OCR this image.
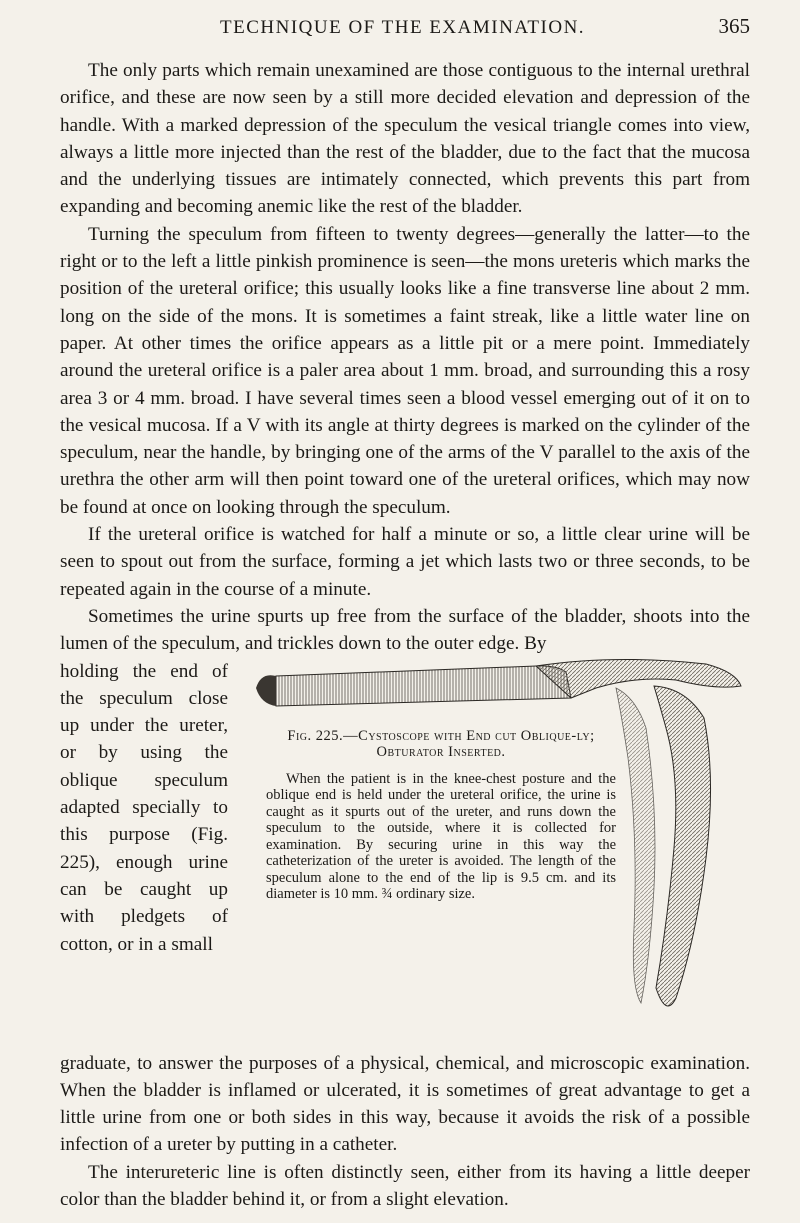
TECHNIQUE OF THE EXAMINATION.	365

The only parts which remain unexamined are those contiguous to the internal urethral orifice, and these are now seen by a still more decided elevation and depression of the handle. With a marked depression of the speculum the vesical triangle comes into view, always a little more injected than the rest of the bladder, due to the fact that the mucosa and the underlying tissues are intimately connected, which prevents this part from expanding and becoming anemic like the rest of the bladder.

Turning the speculum from fifteen to twenty degrees—generally the latter—to the right or to the left a little pinkish prominence is seen—the mons ureteris which marks the position of the ureteral orifice; this usually looks like a fine transverse line about 2 mm. long on the side of the mons. It is sometimes a faint streak, like a little water line on paper. At other times the orifice appears as a little pit or a mere point. Immediately around the ureteral orifice is a paler area about 1 mm. broad, and surrounding this a rosy area 3 or 4 mm. broad. I have several times seen a blood vessel emerging out of it on to the vesical mucosa. If a V with its angle at thirty degrees is marked on the cylinder of the speculum, near the handle, by bringing one of the arms of the V parallel to the axis of the urethra the other arm will then point toward one of the ureteral orifices, which may now be found at once on looking through the speculum.

If the ureteral orifice is watched for half a minute or so, a little clear urine will be seen to spout out from the surface, forming a jet which lasts two or three seconds, to be repeated again in the course of a minute.

Sometimes the urine spurts up free from the surface of the bladder, shoots into the lumen of the speculum, and trickles down to the outer edge. By

holding the end of the speculum close up under the ureter, or by using the oblique speculum adapted specially to this purpose (Fig. 225), enough urine can be caught up with pledgets of cotton, or in a small

Fig. 225.—Cystoscope with End cut Oblique-ly; Obturator Inserted.
When the patient is in the knee-chest posture and the oblique end is held under the ureteral orifice, the urine is caught as it spurts out of the ureter, and runs down the speculum to the outside, where it is collected for examination. By securing urine in this way the catheterization of the ureter is avoided. The length of the speculum alone to the end of the lip is 9.5 cm. and its diameter is 10 mm. ¾ ordinary size.

graduate, to answer the purposes of a physical, chemical, and microscopic examination. When the bladder is inflamed or ulcerated, it is sometimes of great advantage to get a little urine from one or both sides in this way, because it avoids the risk of a possible infection of a ureter by putting in a catheter.

The interureteric line is often distinctly seen, either from its having a little deeper color than the bladder behind it, or from a slight elevation.
